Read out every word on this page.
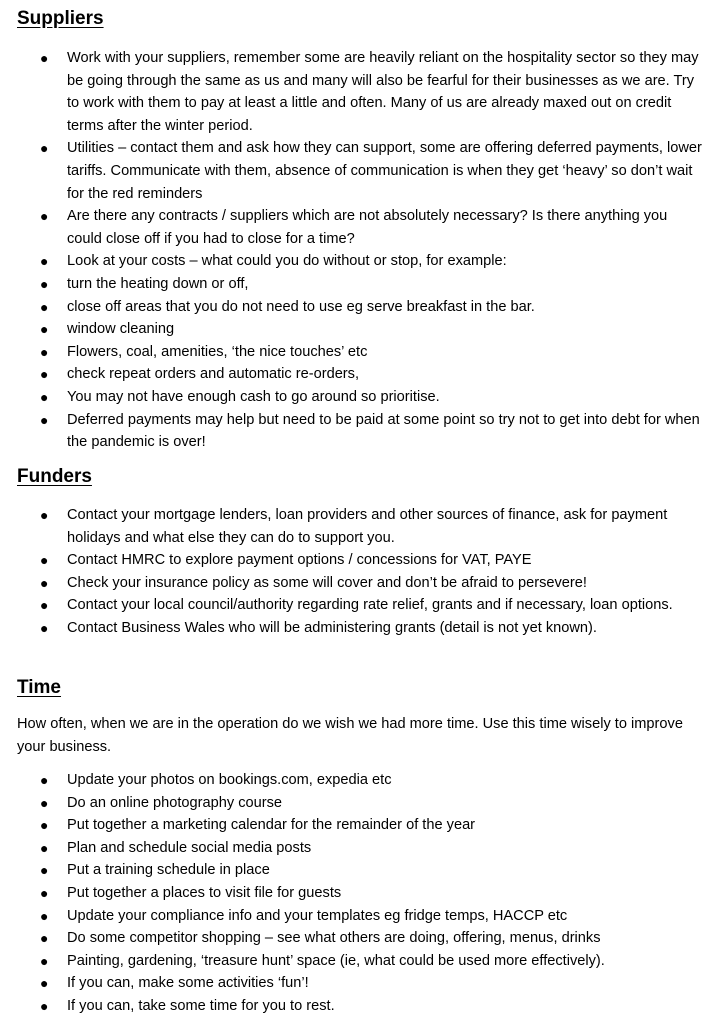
Suppliers
● Work with your suppliers, remember some are heavily reliant on the hospitality sector so they may be going through the same as us and many will also be fearful for their businesses as we are. Try to work with them to pay at least a little and often. Many of us are already maxed out on credit terms after the winter period.
● Utilities – contact them and ask how they can support, some are offering deferred payments, lower tariffs. Communicate with them, absence of communication is when they get ‘heavy’ so don’t wait for the red reminders
● Are there any contracts / suppliers which are not absolutely necessary? Is there anything you could close off if you had to close for a time?
● Look at your costs – what could you do without or stop, for example:
● turn the heating down or off,
● close off areas that you do not need to use eg serve breakfast in the bar.
● window cleaning
● Flowers, coal, amenities, ‘the nice touches’ etc
● check repeat orders and automatic re-orders,
● You may not have enough cash to go around so prioritise.
● Deferred payments may help but need to be paid at some point so try not to get into debt for when the pandemic is over!
Funders
● Contact your mortgage lenders, loan providers and other sources of finance, ask for payment holidays and what else they can do to support you.
● Contact HMRC to explore payment options / concessions for VAT, PAYE
● Check your insurance policy as some will cover and don’t be afraid to persevere!
● Contact your local council/authority regarding rate relief, grants and if necessary, loan options.
● Contact Business Wales who will be administering grants (detail is not yet known).
Time

How often, when we are in the operation do we wish we had more time. Use this time wisely to improve your business.

● Update your photos on bookings.com, expedia etc
● Do an online photography course
● Put together a marketing calendar for the remainder of the year
● Plan and schedule social media posts
● Put a training schedule in place
● Put together a places to visit file for guests
● Update your compliance info and your templates eg fridge temps, HACCP etc
● Do some competitor shopping – see what others are doing, offering, menus, drinks
● Painting, gardening, ‘treasure hunt’ space (ie, what could be used more effectively).
● If you can, make some activities ‘fun’!
● If you can, take some time for you to rest.
